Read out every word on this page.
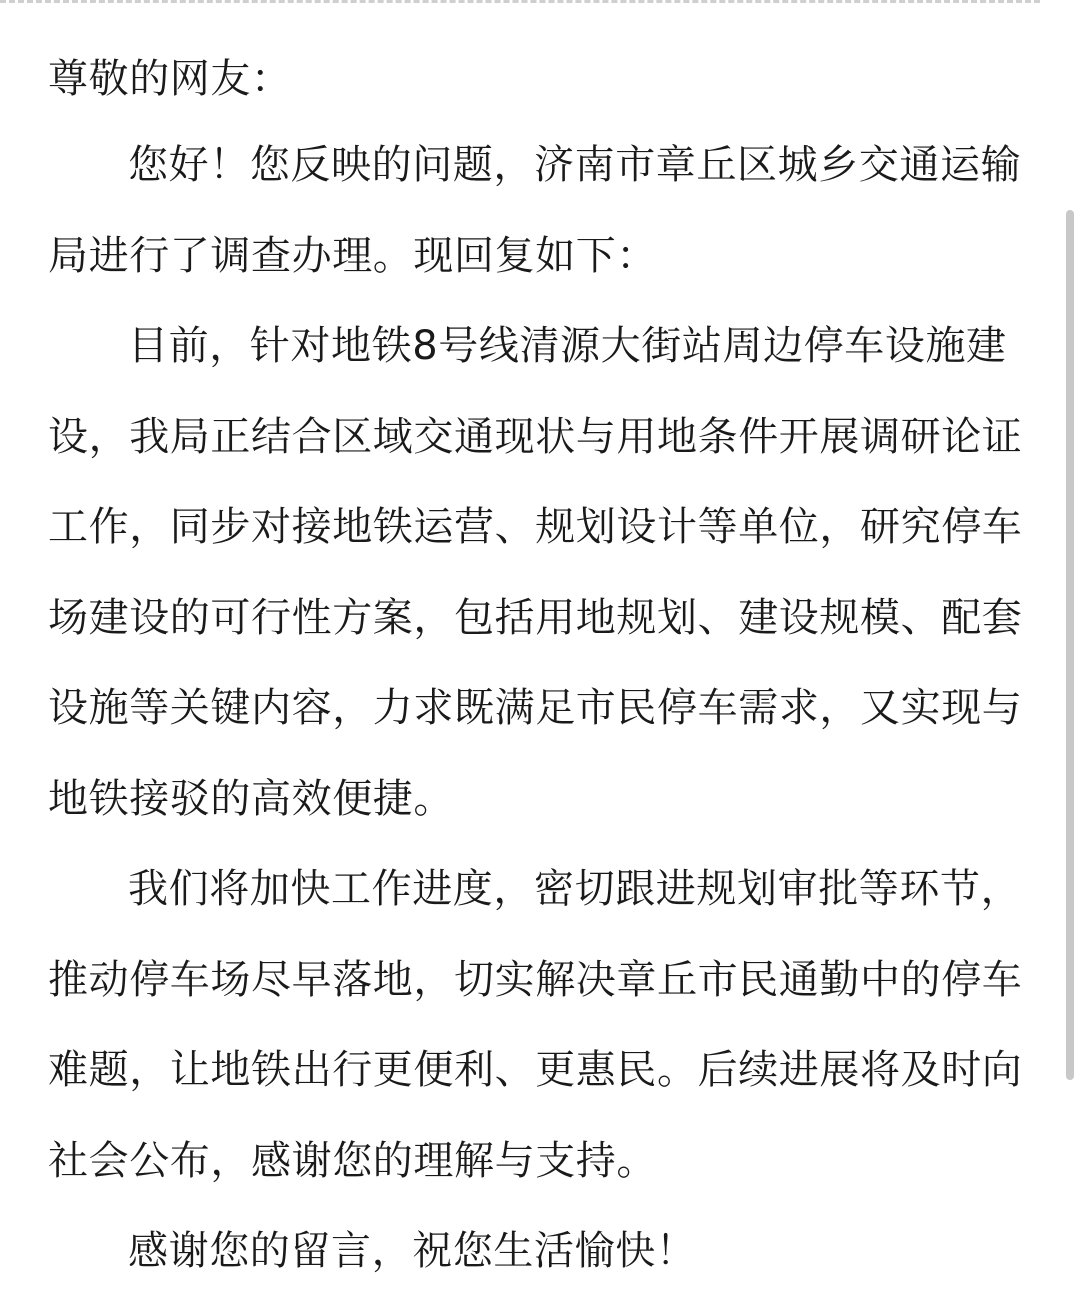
尊敬的网友：

您好！您反映的问题，济南市章丘区城乡交通运输局进行了调查办理。现回复如下：

目前，针对地铁8号线清源大街站周边停车设施建设，我局正结合区域交通现状与用地条件开展调研论证工作，同步对接地铁运营、规划设计等单位，研究停车场建设的可行性方案，包括用地规划、建设规模、配套设施等关键内容，力求既满足市民停车需求，又实现与地铁接驳的高效便捷。

我们将加快工作进度，密切跟进规划审批等环节，推动停车场尽早落地，切实解决章丘市民通勤中的停车难题，让地铁出行更便利、更惠民。后续进展将及时向社会公布，感谢您的理解与支持。

感谢您的留言，祝您生活愉快！
